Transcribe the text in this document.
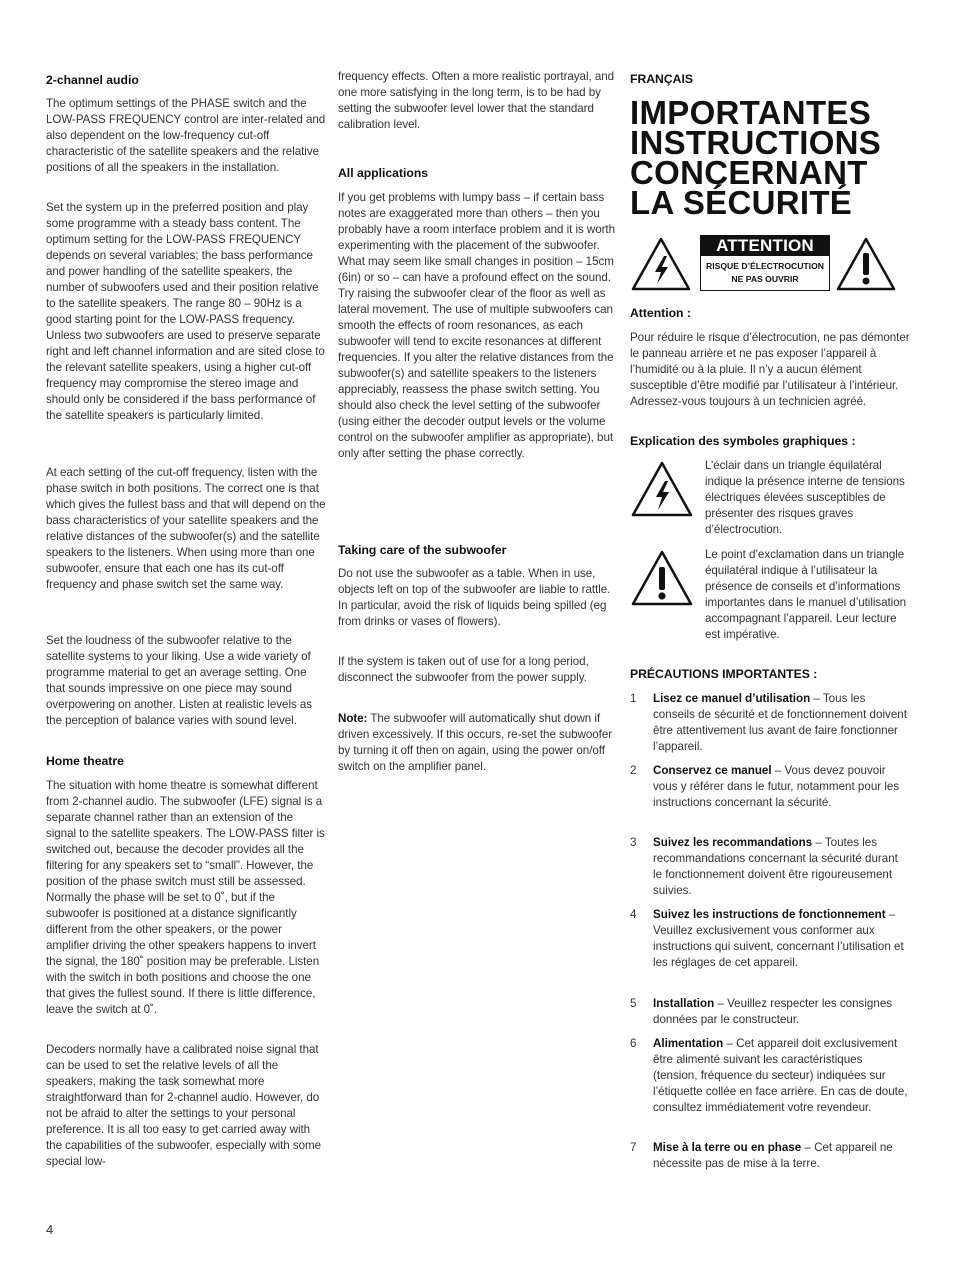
2-channel audio

The optimum settings of the PHASE switch and the LOW-PASS FREQUENCY control are inter-related and also dependent on the low-frequency cut-off characteristic of the satellite speakers and the relative positions of all the speakers in the installation.

Set the system up in the preferred position and play some programme with a steady bass content. The optimum setting for the LOW-PASS FREQUENCY depends on several variables; the bass performance and power handling of the satellite speakers, the number of subwoofers used and their position relative to the satellite speakers. The range 80 – 90Hz is a good starting point for the LOW-PASS frequency. Unless two subwoofers are used to preserve separate right and left channel information and are sited close to the relevant satellite speakers, using a higher cut-off frequency may compromise the stereo image and should only be considered if the bass performance of the satellite speakers is particularly limited.

At each setting of the cut-off frequency, listen with the phase switch in both positions. The correct one is that which gives the fullest bass and that will depend on the bass characteristics of your satellite speakers and the relative distances of the subwoofer(s) and the satellite speakers to the listeners. When using more than one subwoofer, ensure that each one has its cut-off frequency and phase switch set the same way.

Set the loudness of the subwoofer relative to the satellite systems to your liking. Use a wide variety of programme material to get an average setting. One that sounds impressive on one piece may sound overpowering on another. Listen at realistic levels as the perception of balance varies with sound level.

Home theatre

The situation with home theatre is somewhat different from 2-channel audio. The subwoofer (LFE) signal is a separate channel rather than an extension of the signal to the satellite speakers. The LOW-PASS filter is switched out, because the decoder provides all the filtering for any speakers set to “small”. However, the position of the phase switch must still be assessed. Normally the phase will be set to 0˚, but if the subwoofer is positioned at a distance significantly different from the other speakers, or the power amplifier driving the other speakers happens to invert the signal, the 180˚ position may be preferable. Listen with the switch in both positions and choose the one that gives the fullest sound. If there is little difference, leave the switch at 0˚.

Decoders normally have a calibrated noise signal that can be used to set the relative levels of all the speakers, making the task somewhat more straightforward than for 2-channel audio. However, do not be afraid to alter the settings to your personal preference. It is all too easy to get carried away with the capabilities of the subwoofer, especially with some special low-

frequency effects. Often a more realistic portrayal, and one more satisfying in the long term, is to be had by setting the subwoofer level lower that the standard calibration level.

All applications

If you get problems with lumpy bass – if certain bass notes are exaggerated more than others – then you probably have a room interface problem and it is worth experimenting with the placement of the subwoofer. What may seem like small changes in position – 15cm (6in) or so – can have a profound effect on the sound. Try raising the subwoofer clear of the floor as well as lateral movement. The use of multiple subwoofers can smooth the effects of room resonances, as each subwoofer will tend to excite resonances at different frequencies. If you alter the relative distances from the subwoofer(s) and satellite speakers to the listeners appreciably, reassess the phase switch setting. You should also check the level setting of the subwoofer (using either the decoder output levels or the volume control on the subwoofer amplifier as appropriate), but only after setting the phase correctly.

Taking care of the subwoofer

Do not use the subwoofer as a table. When in use, objects left on top of the subwoofer are liable to rattle. In particular, avoid the risk of liquids being spilled (eg from drinks or vases of flowers).

If the system is taken out of use for a long period, disconnect the subwoofer from the power supply.

Note: The subwoofer will automatically shut down if driven excessively. If this occurs, re-set the subwoofer by turning it off then on again, using the power on/off switch on the amplifier panel.

FRANÇAIS
IMPORTANTES INSTRUCTIONS CONCERNANT LA SÉCURITÉ
ATTENTION
RISQUE D’ÉLECTROCUTION
NE PAS OUVRIR
Attention :

Pour réduire le risque d’électrocution, ne pas démonter le panneau arrière et ne pas exposer l’appareil à l’humidité ou à la pluie. Il n’y a aucun élément susceptible d’être modifié par l’utilisateur à l’intérieur. Adressez-vous toujours à un technicien agréé.

Explication des symboles graphiques :

L’éclair dans un triangle équilatéral indique la présence interne de tensions électriques élevées susceptibles de présenter des risques graves d’électrocution.

Le point d’exclamation dans un triangle équilatéral indique à l’utilisateur la présence de conseils et d’informations importantes dans le manuel d’utilisation accompagnant l’appareil. Leur lecture est impérative.

PRÉCAUTIONS IMPORTANTES :
1	Lisez ce manuel d’utilisation – Tous les conseils de sécurité et de fonctionnement doivent être attentivement lus avant de faire fonctionner l’appareil.
2	Conservez ce manuel – Vous devez pouvoir vous y référer dans le futur, notamment pour les instructions concernant la sécurité.
3	Suivez les recommandations – Toutes les recommandations concernant la sécurité durant le fonctionnement doivent être rigoureusement suivies.
4	Suivez les instructions de fonctionnement – Veuillez exclusivement vous conformer aux instructions qui suivent, concernant l’utilisation et les réglages de cet appareil.
5	Installation – Veuillez respecter les consignes données par le constructeur.
6	Alimentation – Cet appareil doit exclusivement être alimenté suivant les caractéristiques (tension, fréquence du secteur) indiquées sur l’étiquette collée en face arrière. En cas de doute, consultez immédiatement votre revendeur.
7	Mise à la terre ou en phase – Cet appareil ne nécessite pas de mise à la terre.
4
